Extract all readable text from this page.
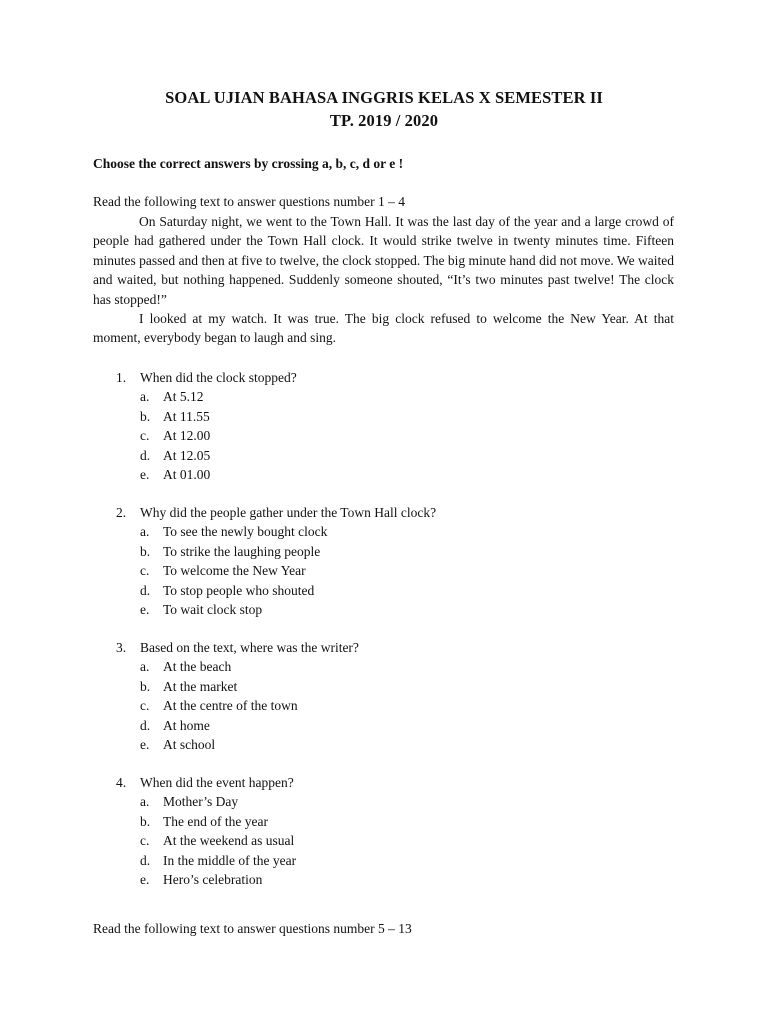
SOAL UJIAN BAHASA INGGRIS KELAS X SEMESTER II
TP. 2019 / 2020
Choose the correct answers by crossing a, b, c, d or e !
Read the following text to answer questions number 1 – 4

On Saturday night, we went to the Town Hall. It was the last day of the year and a large crowd of people had gathered under the Town Hall clock. It would strike twelve in twenty minutes time. Fifteen minutes passed and then at five to twelve, the clock stopped. The big minute hand did not move. We waited and waited, but nothing happened. Suddenly someone shouted, “It’s two minutes past twelve! The clock has stopped!”

I looked at my watch. It was true. The big clock refused to welcome the New Year. At that moment, everybody began to laugh and sing.

1. When did the clock stopped?
a. At 5.12
b. At 11.55
c. At 12.00
d. At 12.05
e. At 01.00
2. Why did the people gather under the Town Hall clock?
a. To see the newly bought clock
b. To strike the laughing people
c. To welcome the New Year
d. To stop people who shouted
e. To wait clock stop
3. Based on the text, where was the writer?
a. At the beach
b. At the market
c. At the centre of the town
d. At home
e. At school
4. When did the event happen?
a. Mother’s Day
b. The end of the year
c. At the weekend as usual
d. In the middle of the year
e. Hero’s celebration
Read the following text to answer questions number 5 – 13
